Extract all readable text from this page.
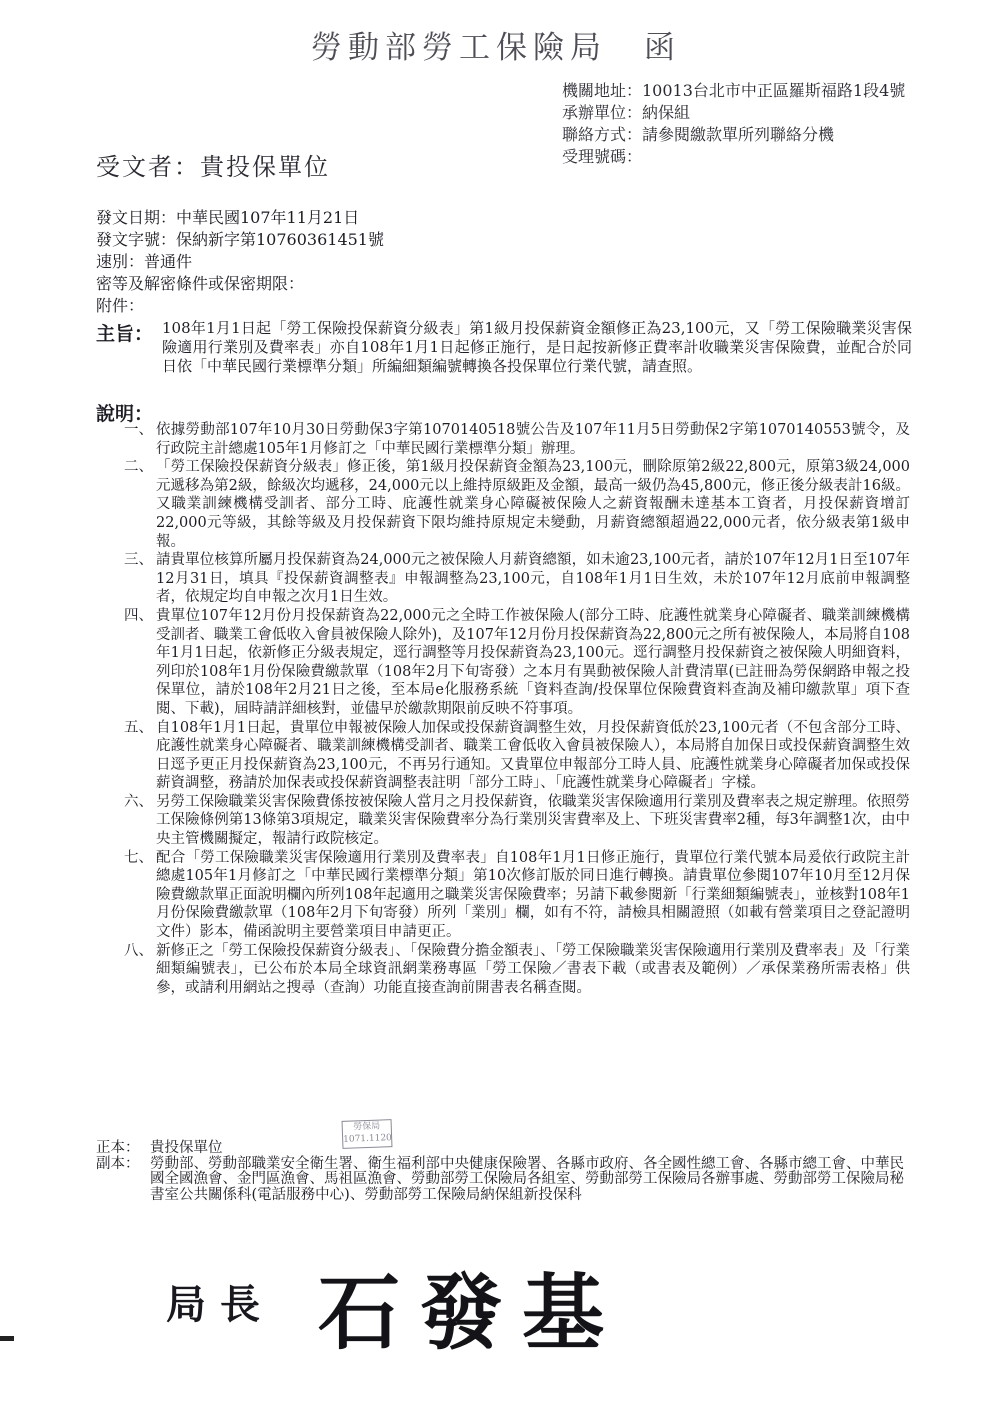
勞動部勞工保險局　函
機關地址：10013台北市中正區羅斯福路1段4號
承辦單位：納保組
聯絡方式：請參閱繳款單所列聯絡分機
受理號碼：
受文者：貴投保單位
發文日期：中華民國107年11月21日
發文字號：保納新字第10760361451號
速別：普通件
密等及解密條件或保密期限：
附件：
主旨： 108年1月1日起「勞工保險投保薪資分級表」第1級月投保薪資金額修正為23,100元，又「勞工保險職業災害保險適用行業別及費率表」亦自108年1月1日起修正施行，是日起按新修正費率計收職業災害保險費，並配合於同日依「中華民國行業標準分類」所編細類編號轉換各投保單位行業代號，請查照。
說明：
一、 依據勞動部107年10月30日勞動保3字第1070140518號公告及107年11月5日勞動保2字第1070140553號令，及行政院主計總處105年1月修訂之「中華民國行業標準分類」辦理。
二、 「勞工保險投保薪資分級表」修正後，第1級月投保薪資金額為23,100元，刪除原第2級22,800元，原第3級24,000元遞移為第2級，餘級次均遞移，24,000元以上維持原級距及金額，最高一級仍為45,800元，修正後分級表計16級。又職業訓練機構受訓者、部分工時、庇護性就業身心障礙被保險人之薪資報酬未達基本工資者，月投保薪資增訂22,000元等級，其餘等級及月投保薪資下限均維持原規定未變動，月薪資總額超過22,000元者，依分級表第1級申報。
三、 請貴單位核算所屬月投保薪資為24,000元之被保險人月薪資總額，如未逾23,100元者，請於107年12月1日至107年12月31日，填具『投保薪資調整表』申報調整為23,100元，自108年1月1日生效，未於107年12月底前申報調整者，依規定均自申報之次月1日生效。
四、 貴單位107年12月份月投保薪資為22,000元之全時工作被保險人(部分工時、庇護性就業身心障礙者、職業訓練機構受訓者、職業工會低收入會員被保險人除外)，及107年12月份月投保薪資為22,800元之所有被保險人，本局將自108年1月1日起，依新修正分級表規定，逕行調整等月投保薪資為23,100元。逕行調整月投保薪資之被保險人明細資料，列印於108年1月份保險費繳款單（108年2月下旬寄發）之本月有異動被保險人計費清單(已註冊為勞保網路申報之投保單位，請於108年2月21日之後，至本局e化服務系統「資料查詢/投保單位保險費資料查詢及補印繳款單」項下查閱、下載)，屆時請詳細核對，並儘早於繳款期限前反映不符事項。
五、 自108年1月1日起，貴單位申報被保險人加保或投保薪資調整生效，月投保薪資低於23,100元者（不包含部分工時、庇護性就業身心障礙者、職業訓練機構受訓者、職業工會低收入會員被保險人），本局將自加保日或投保薪資調整生效日逕予更正月投保薪資為23,100元，不再另行通知。又貴單位申報部分工時人員、庇護性就業身心障礙者加保或投保薪資調整，務請於加保表或投保薪資調整表註明「部分工時」、「庇護性就業身心障礙者」字樣。
六、 另勞工保險職業災害保險費係按被保險人當月之月投保薪資，依職業災害保險適用行業別及費率表之規定辦理。依照勞工保險條例第13條第3項規定，職業災害保險費率分為行業別災害費率及上、下班災害費率2種，每3年調整1次，由中央主管機關擬定，報請行政院核定。
七、 配合「勞工保險職業災害保險適用行業別及費率表」自108年1月1日修正施行，貴單位行業代號本局爰依行政院主計總處105年1月修訂之「中華民國行業標準分類」第10次修訂版於同日進行轉換。請貴單位參閱107年10月至12月保險費繳款單正面說明欄內所列108年起適用之職業災害保險費率；另請下載參閱新「行業細類編號表」，並核對108年1月份保險費繳款單（108年2月下旬寄發）所列「業別」欄，如有不符，請檢具相關證照（如載有營業項目之登記證明文件）影本，備函說明主要營業項目申請更正。
八、 新修正之「勞工保險投保薪資分級表」、「保險費分擔金額表」、「勞工保險職業災害保險適用行業別及費率表」及「行業細類編號表」，已公布於本局全球資訊網業務專區「勞工保險／書表下載（或書表及範例）／承保業務所需表格」供參，或請利用網站之搜尋（查詢）功能直接查詢前開書表名稱查閱。
勞保局
1071.1120
正本： 貴投保單位
副本： 勞動部、勞動部職業安全衛生署、衛生福利部中央健康保險署、各縣市政府、各全國性總工會、各縣市總工會、中華民國全國漁會、金門區漁會、馬祖區漁會、勞動部勞工保險局各組室、勞動部勞工保險局各辦事處、勞動部勞工保險局秘書室公共關係科(電話服務中心)、勞動部勞工保險局納保組新投保科
局長 石發基
